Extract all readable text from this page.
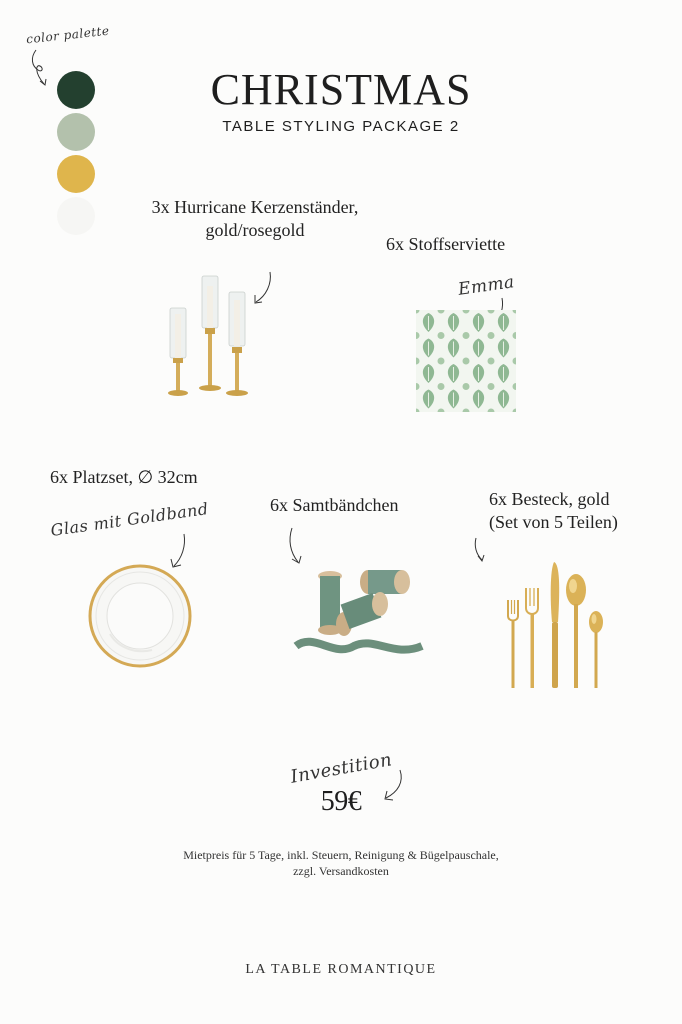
color palette
CHRISTMAS
TABLE STYLING PACKAGE 2
3x Hurricane Kerzenständer,
gold/rosegold
6x Stoffserviette
Emma
6x Platzset, ∅ 32cm
Glas mit Goldband	6x Samtbändchen	6x Besteck, gold
(Set von 5 Teilen)
Investition
59€
Mietpreis für 5 Tage, inkl. Steuern, Reinigung & Bügelpauschale,
zzgl. Versandkosten
LA TABLE ROMANTIQUE
